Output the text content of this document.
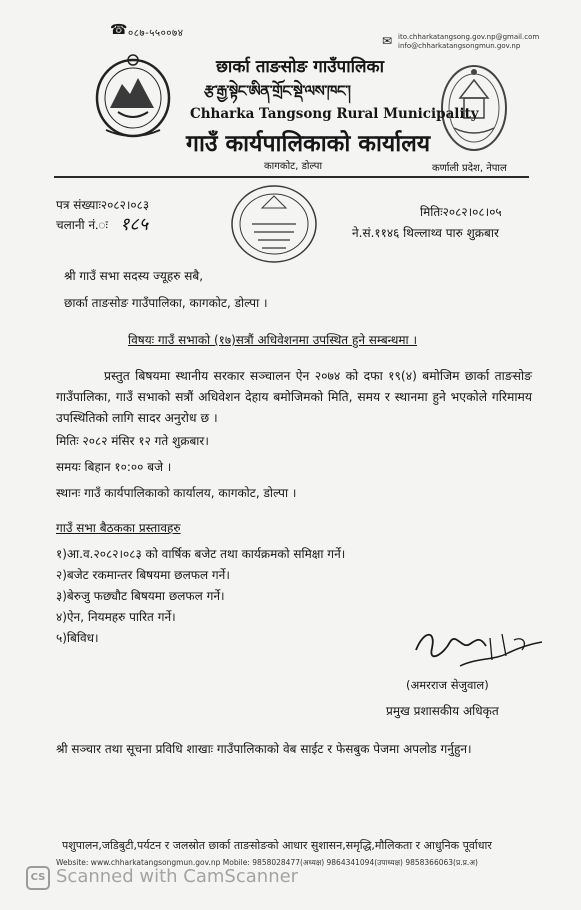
☎ ०८७-५५००७४
✉ ito.chharkatangsong.gov.np@gmail.com
info@chharkatangsongmun.gov.np
छार्का ताङसोङ गाउँपालिका
རྩ་རྒྱ་སྟེང་ཨིན་གྲོང་སྡེ་ལས་ཁང་།
Chharka Tangsong Rural Municipality
गाउँ कार्यपालिकाको कार्यालय
कागकोट, डोल्पा	कर्णाली प्रदेश, नेपाल
पत्र संख्याः२०८२।०८३
चलानी नं.ः १८५
मितिः२०८२।०८।०५
ने.सं.११४६ थिल्लाथ्व पारु शुक्रबार
श्री गाउँ सभा सदस्य ज्यूहरु सबै,
छार्का ताङसोङ गाउँपालिका, कागकोट, डोल्पा ।
विषयः गाउँ सभाको (१७)सत्रौं अधिवेशनमा उपस्थित हुने सम्बन्धमा ।
प्रस्तुत बिषयमा स्थानीय सरकार सञ्चालन ऐन २०७४ को दफा १९(४) बमोजिम छार्का ताङसोङ गाउँपालिका, गाउँ सभाको सत्रौं अधिवेशन देहाय बमोजिमको मिति, समय र स्थानमा हुने भएकोले गरिमामय उपस्थितिको लागि सादर अनुरोध छ ।
मितिः २०८२ मंसिर १२ गते शुक्रबार।
समयः बिहान १०:०० बजे ।
स्थानः गाउँ कार्यपालिकाको कार्यालय, कागकोट, डोल्पा ।
गाउँ सभा बैठकका प्रस्तावहरु
१)आ.व.२०८२।०८३ को वार्षिक बजेट तथा कार्यक्रमको समिक्षा गर्ने।
२)बजेट रकमान्तर बिषयमा छलफल गर्ने।
३)बेरुजु फछ्यौट बिषयमा छलफल गर्ने।
४)ऐन, नियमहरु पारित गर्ने।
५)बिविध।
(अमरराज सेजुवाल)
प्रमुख प्रशासकीय अधिकृत
श्री सञ्चार तथा सूचना प्रविधि शाखाः गाउँपालिकाको वेब साईट र फेसबुक पेजमा अपलोड गर्नुहुन।
पशुपालन,जडिबुटी,पर्यटन र जलस्रोत छार्का ताङसोङको आधार सुशासन,समृद्धि,मौलिकता र आधुनिक पूर्वाधार
Website: www.chharkatangsongmun.gov.np Mobile: 9858028477(अध्यक्ष) 9864341094(उपाध्यक्ष) 9858366063(प्र.प्र.अ)
CS Scanned with CamScanner
